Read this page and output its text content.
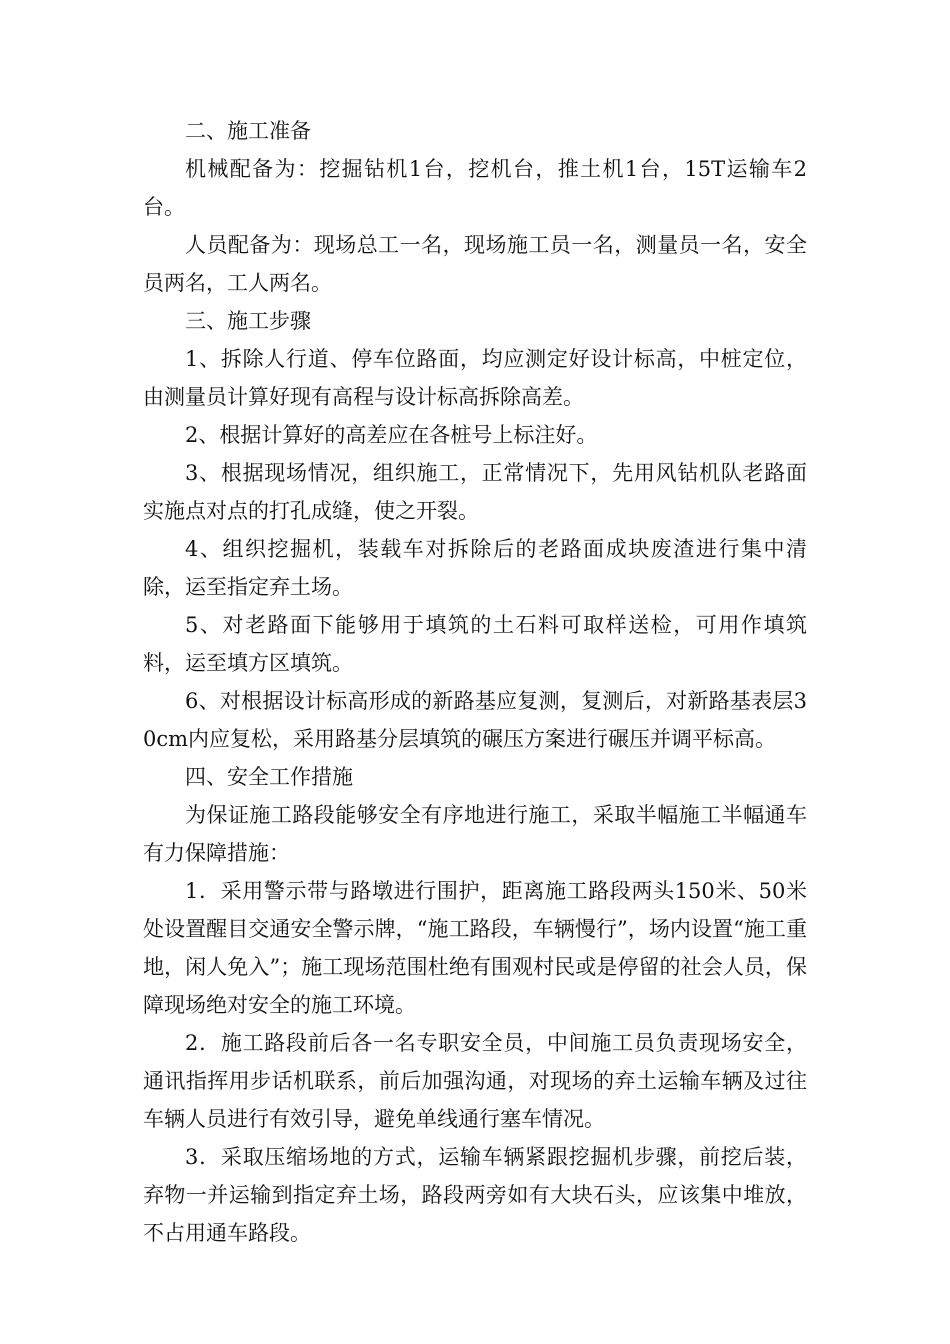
二、施工准备

机械配备为：挖掘钻机1台，挖机台，推土机1台，15T运输车2台。

人员配备为：现场总工一名，现场施工员一名，测量员一名，安全员两名，工人两名。

三、施工步骤

1、拆除人行道、停车位路面，均应测定好设计标高，中桩定位，由测量员计算好现有高程与设计标高拆除高差。

2、根据计算好的高差应在各桩号上标注好。

3、根据现场情况，组织施工，正常情况下，先用风钻机队老路面实施点对点的打孔成缝，使之开裂。

4、组织挖掘机，装载车对拆除后的老路面成块废渣进行集中清除，运至指定弃土场。

5、对老路面下能够用于填筑的土石料可取样送检，可用作填筑料，运至填方区填筑。

6、对根据设计标高形成的新路基应复测，复测后，对新路基表层30cm内应复松，采用路基分层填筑的碾压方案进行碾压并调平标高。

四、安全工作措施

为保证施工路段能够安全有序地进行施工，采取半幅施工半幅通车有力保障措施：

1．采用警示带与路墩进行围护，距离施工路段两头150米、50米处设置醒目交通安全警示牌，“施工路段，车辆慢行”，场内设置“施工重地，闲人免入”；施工现场范围杜绝有围观村民或是停留的社会人员，保障现场绝对安全的施工环境。

2．施工路段前后各一名专职安全员，中间施工员负责现场安全，通讯指挥用步话机联系，前后加强沟通，对现场的弃土运输车辆及过往车辆人员进行有效引导，避免单线通行塞车情况。

3．采取压缩场地的方式，运输车辆紧跟挖掘机步骤，前挖后装，弃物一并运输到指定弃土场，路段两旁如有大块石头，应该集中堆放，不占用通车路段。
